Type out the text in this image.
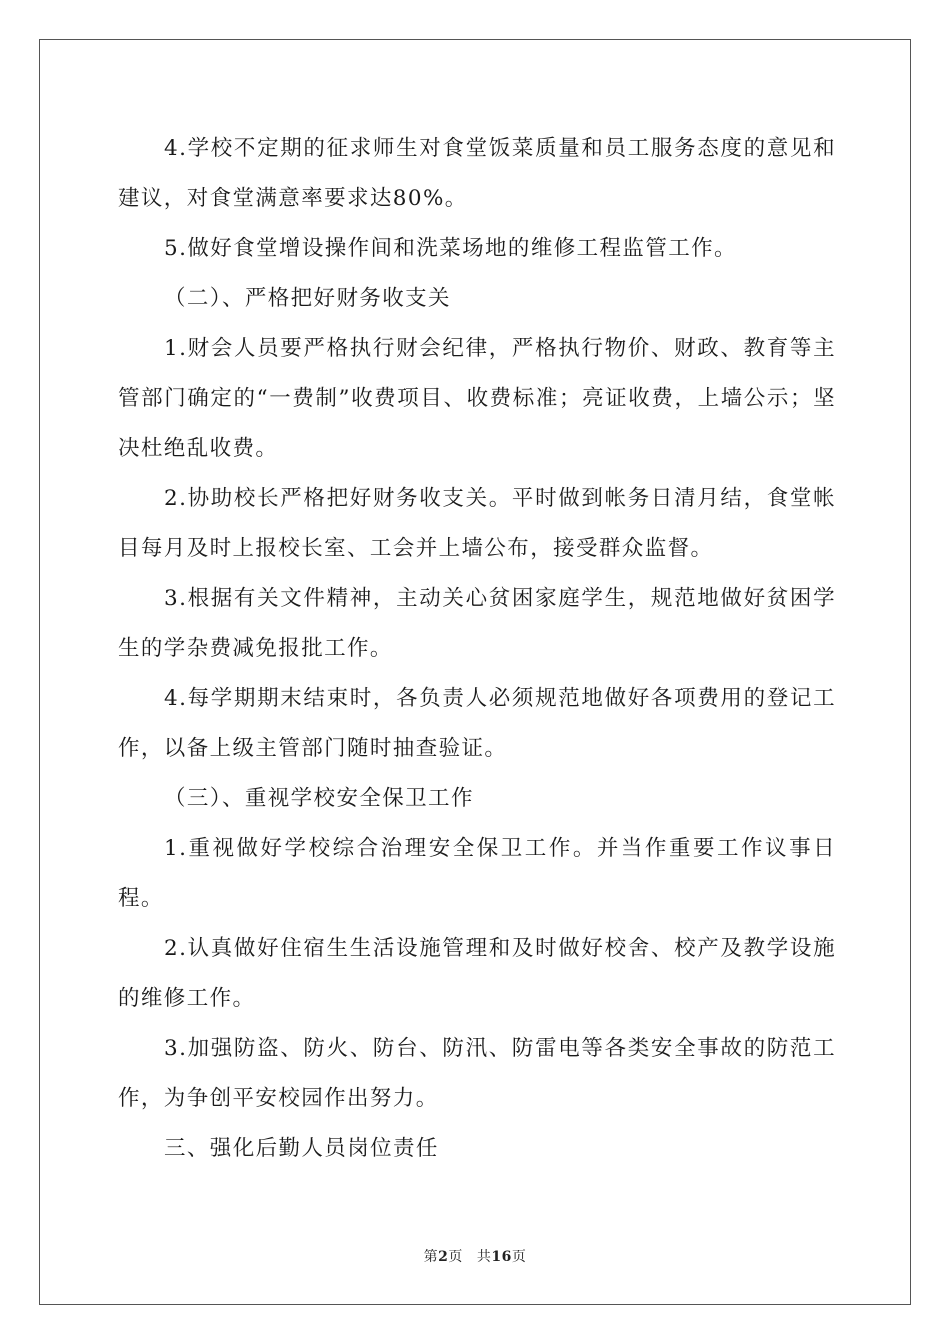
4.学校不定期的征求师生对食堂饭菜质量和员工服务态度的意见和建议，对食堂满意率要求达80%。

5.做好食堂增设操作间和洗菜场地的维修工程监管工作。

（二）、严格把好财务收支关

1.财会人员要严格执行财会纪律，严格执行物价、财政、教育等主管部门确定的“一费制”收费项目、收费标准；亮证收费，上墙公示；坚决杜绝乱收费。

2.协助校长严格把好财务收支关。平时做到帐务日清月结，食堂帐目每月及时上报校长室、工会并上墙公布，接受群众监督。

3.根据有关文件精神，主动关心贫困家庭学生，规范地做好贫困学生的学杂费减免报批工作。

4.每学期期末结束时，各负责人必须规范地做好各项费用的登记工作，以备上级主管部门随时抽查验证。

（三）、重视学校安全保卫工作

1.重视做好学校综合治理安全保卫工作。并当作重要工作议事日程。

2.认真做好住宿生生活设施管理和及时做好校舍、校产及教学设施的维修工作。

3.加强防盗、防火、防台、防汛、防雷电等各类安全事故的防范工作，为争创平安校园作出努力。

三、强化后勤人员岗位责任

第2页 共16页
